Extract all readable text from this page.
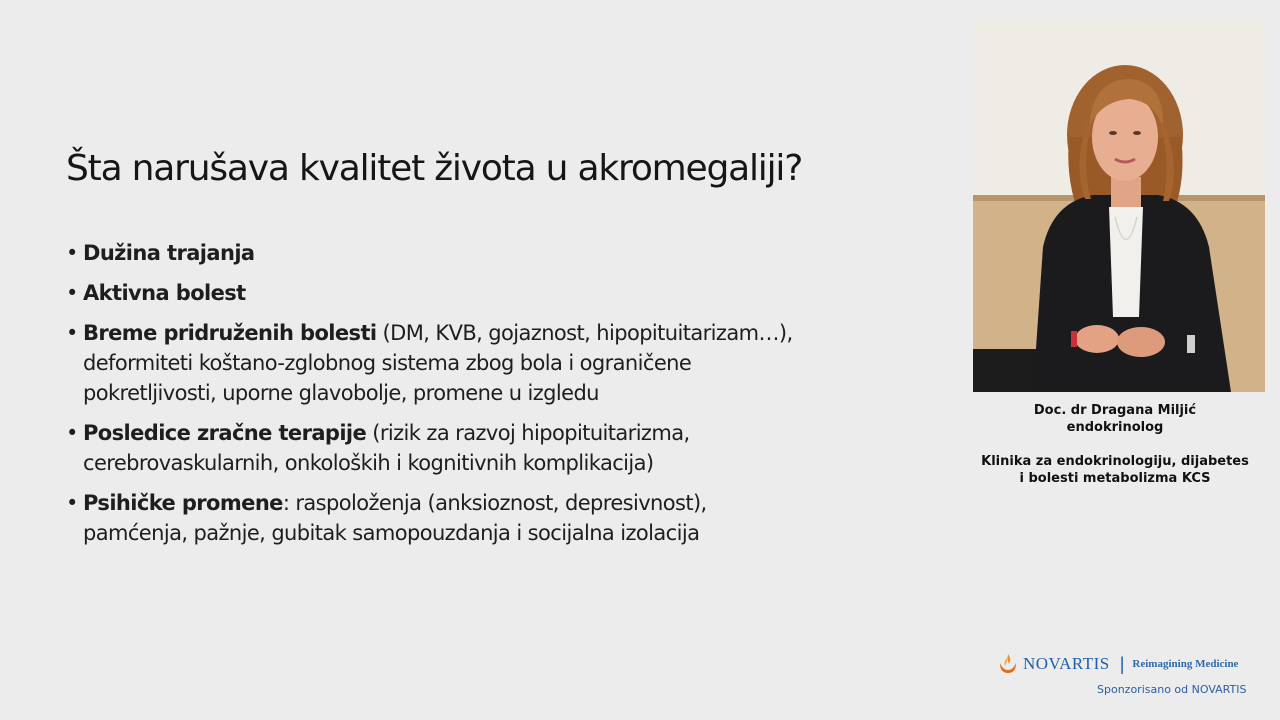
Šta narušava kvalitet života u akromegaliji?
• Dužina trajanja
• Aktivna bolest
• Breme pridruženih bolesti (DM, KVB, gojaznost, hipopituitarizam…),
deformiteti koštano-zglobnog sistema zbog bola i ograničene
pokretljivosti, uporne glavobolje, promene u izgledu
• Posledice zračne terapije (rizik za razvoj hipopituitarizma,
cerebrovaskularnih, onkoloških i kognitivnih komplikacija)
• Psihičke promene: raspoloženja (anksioznost, depresivnost),
pamćenja, pažnje, gubitak samopouzdanja i socijalna izolacija
Doc. dr Dragana Miljić
endokrinolog
Klinika za endokrinologiju, dijabetes
i bolesti metabolizma KCS
NOVARTIS | Reimagining Medicine
Sponzorisano od NOVARTIS
